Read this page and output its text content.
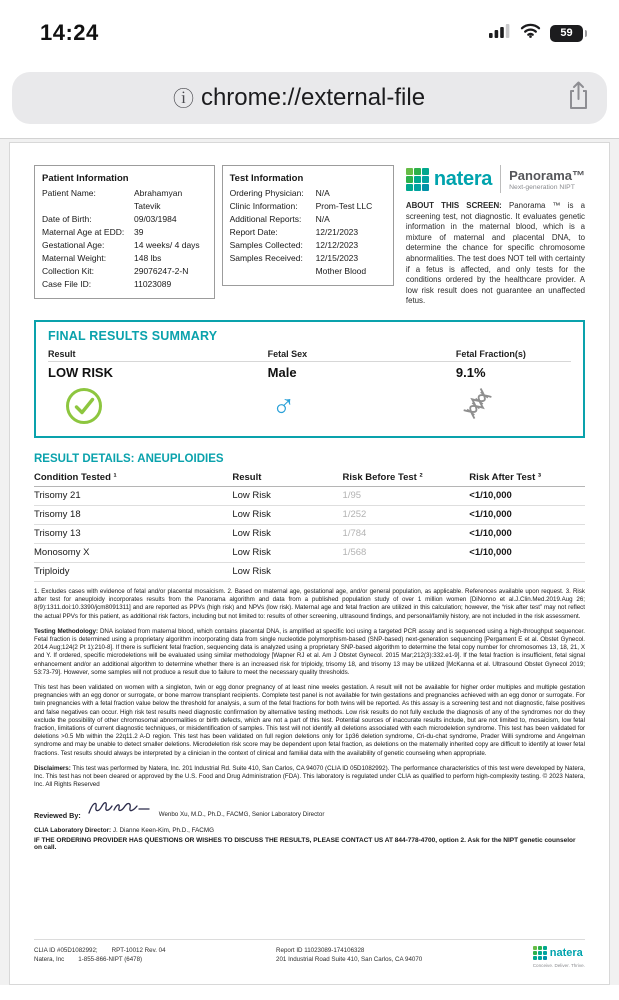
14:24	59
ⓘ chrome://external-file
Patient Information
Patient Name:	Abrahamyan Tatevik
Date of Birth:	09/03/1984
Maternal Age at EDD:	39
Gestational Age:	14 weeks/ 4 days
Maternal Weight:	148 lbs
Collection Kit:	29076247-2-N
Case File ID:	11023089
Test Information
Ordering Physician:	N/A
Clinic Information:	Prom-Test LLC
Additional Reports:	N/A
Report Date:	12/21/2023
Samples Collected:	12/12/2023
Samples Received:	12/15/2023
Mother Blood
natera Panorama™
Next-generation NIPT

ABOUT THIS SCREEN: Panorama ™ is a screening test, not diagnostic. It evaluates genetic information in the maternal blood, which is a mixture of maternal and placental DNA, to determine the chance for specific chromosome abnormalities. The test does NOT tell with certainty if a fetus is affected, and only tests for the conditions ordered by the healthcare provider. A low risk result does not guarantee an unaffected fetus.

FINAL RESULTS SUMMARY
Result	Fetal Sex	Fetal Fraction(s)
LOW RISK	Male	9.1%
♂
RESULT DETAILS: ANEUPLOIDIES
Condition Tested ¹	Result	Risk Before Test ²	Risk After Test ³
Trisomy 21	Low Risk	1/95	<1/10,000
Trisomy 18	Low Risk	1/252	<1/10,000
Trisomy 13	Low Risk	1/784	<1/10,000
Monosomy X	Low Risk	1/568	<1/10,000
Triploidy	Low Risk		

1. Excludes cases with evidence of fetal and/or placental mosaicism. 2. Based on maternal age, gestational age, and/or general population, as applicable. References available upon request. 3. Risk after test for aneuploidy incorporates results from the Panorama algorithm and data from a published population study of over 1 million women [DiNonno et al.J.Clin.Med.2019.Aug 26; 8(9):1311.doi:10.3390/jcm8091311] and are reported as PPVs (high risk) and NPVs (low risk). Maternal age and fetal fraction are utilized in this calculation; however, the “risk after test” may not reflect the actual PPVs for this patient, as additional risk factors, including but not limited to: results of other screening, ultrasound findings, and personal/family history, are not included in the risk assessment.

Testing Methodology: DNA isolated from maternal blood, which contains placental DNA, is amplified at specific loci using a targeted PCR assay and is sequenced using a high-throughput sequencer. Fetal fraction is determined using a proprietary algorithm incorporating data from single nucleotide polymorphism-based (SNP-based) next-generation sequencing [Pergament E et al. Obstet Gynecol. 2014 Aug;124(2 Pt 1):210-8]. If there is sufficient fetal fraction, sequencing data is analyzed using a proprietary SNP-based algorithm to determine the fetal copy number for chromosomes 13, 18, 21, X and Y. If ordered, specific microdeletions will be evaluated using similar methodology [Wapner RJ et al. Am J Obstet Gynecol. 2015 Mar;212(3):332.e1-9]. If the fetal fraction is insufficient, fetal signal enhancement and/or an additional algorithm to determine whether there is an increased risk for triploidy, trisomy 18, and trisomy 13 may be utilized [McKanna et al. Ultrasound Obstet Gynecol 2019; 53:73-79]. However, some samples will not produce a result due to failure to meet the necessary quality thresholds.

This test has been validated on women with a singleton, twin or egg donor pregnancy of at least nine weeks gestation. A result will not be available for higher order multiples and multiple gestation pregnancies with an egg donor or surrogate, or bone marrow transplant recipients. Complete test panel is not available for twin gestations and pregnancies achieved with an egg donor or surrogate. For twin pregnancies with a fetal fraction value below the threshold for analysis, a sum of the fetal fractions for both twins will be reported. As this assay is a screening test and not diagnostic, false positives and false negatives can occur. High risk test results need diagnostic confirmation by alternative testing methods. Low risk results do not fully exclude the diagnosis of any of the syndromes nor do they exclude the possibility of other chromosomal abnormalities or birth defects, which are not a part of this test. Potential sources of inaccurate results include, but are not limited to, mosaicism, low fetal fraction, limitations of current diagnostic techniques, or misidentification of samples. This test will not identify all deletions associated with each microdeletion syndrome. This test has been validated for deletions >0.5 Mb within the 22q11.2 A-D region. This test has been validated on full region deletions only for 1p36 deletion syndrome, Cri-du-chat syndrome, Prader Willi syndrome and Angelman syndrome and may be unable to detect smaller deletions. Microdeletion risk score may be dependent upon fetal fraction, as deletions on the maternally inherited copy are difficult to identify at lower fetal fractions. Test results should always be interpreted by a clinician in the context of clinical and familial data with the availability of genetic counseling when appropriate.

Disclaimers: This test was performed by Natera, Inc. 201 Industrial Rd. Suite 410, San Carlos, CA 94070 (CLIA ID 05D1082992). The performance characteristics of this test were developed by Natera, Inc. This test has not been cleared or approved by the U.S. Food and Drug Administration (FDA). This laboratory is regulated under CLIA as qualified to perform high-complexity testing. © 2023 Natera, Inc. All Rights Reserved

Reviewed By:	Wenbo Xu, M.D., Ph.D., FACMG, Senior Laboratory Director
CLIA Laboratory Director: J. Dianne Keen-Kim, Ph.D., FACMG
IF THE ORDERING PROVIDER HAS QUESTIONS OR WISHES TO DISCUSS THE RESULTS, PLEASE CONTACT US AT 844-778-4700, option 2. Ask for the NIPT genetic counselor on call.
CLIA ID #05D1082992; RPT-10012 Rev. 04
Natera, Inc 1-855-866-NIPT (6478)
Report ID 11023089-174106328
201 Industrial Road Suite 410, San Carlos, CA 94070
natera
Conceive. Deliver. Thrive.
